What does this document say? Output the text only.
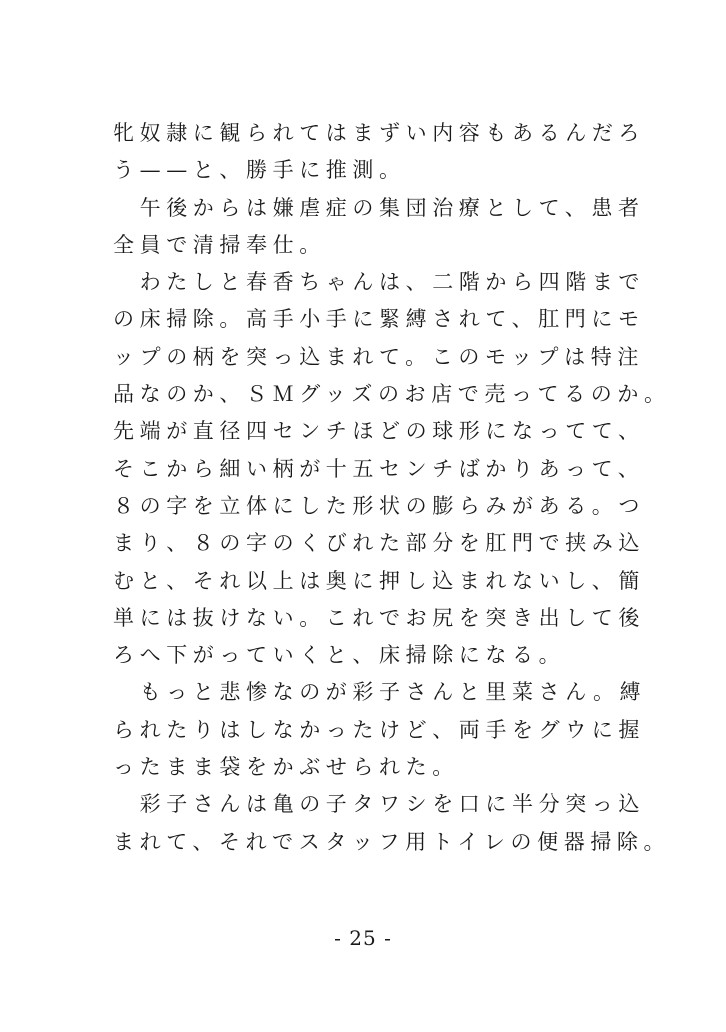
牝奴隷に観られてはまずい内容もあるんだろ
う——と、勝手に推測。
　午後からは嫌虐症の集団治療として、患者
全員で清掃奉仕。
　わたしと春香ちゃんは、二階から四階まで
の床掃除。高手小手に緊縛されて、肛門にモ
ップの柄を突っ込まれて。このモップは特注
品なのか、ＳＭグッズのお店で売ってるのか。
先端が直径四センチほどの球形になってて、
そこから細い柄が十五センチばかりあって、
８の字を立体にした形状の膨らみがある。つ
まり、８の字のくびれた部分を肛門で挟み込
むと、それ以上は奥に押し込まれないし、簡
単には抜けない。これでお尻を突き出して後
ろへ下がっていくと、床掃除になる。
　もっと悲惨なのが彩子さんと里菜さん。縛
られたりはしなかったけど、両手をグウに握
ったまま袋をかぶせられた。
　彩子さんは亀の子タワシを口に半分突っ込
まれて、それでスタッフ用トイレの便器掃除。
- 25 -
